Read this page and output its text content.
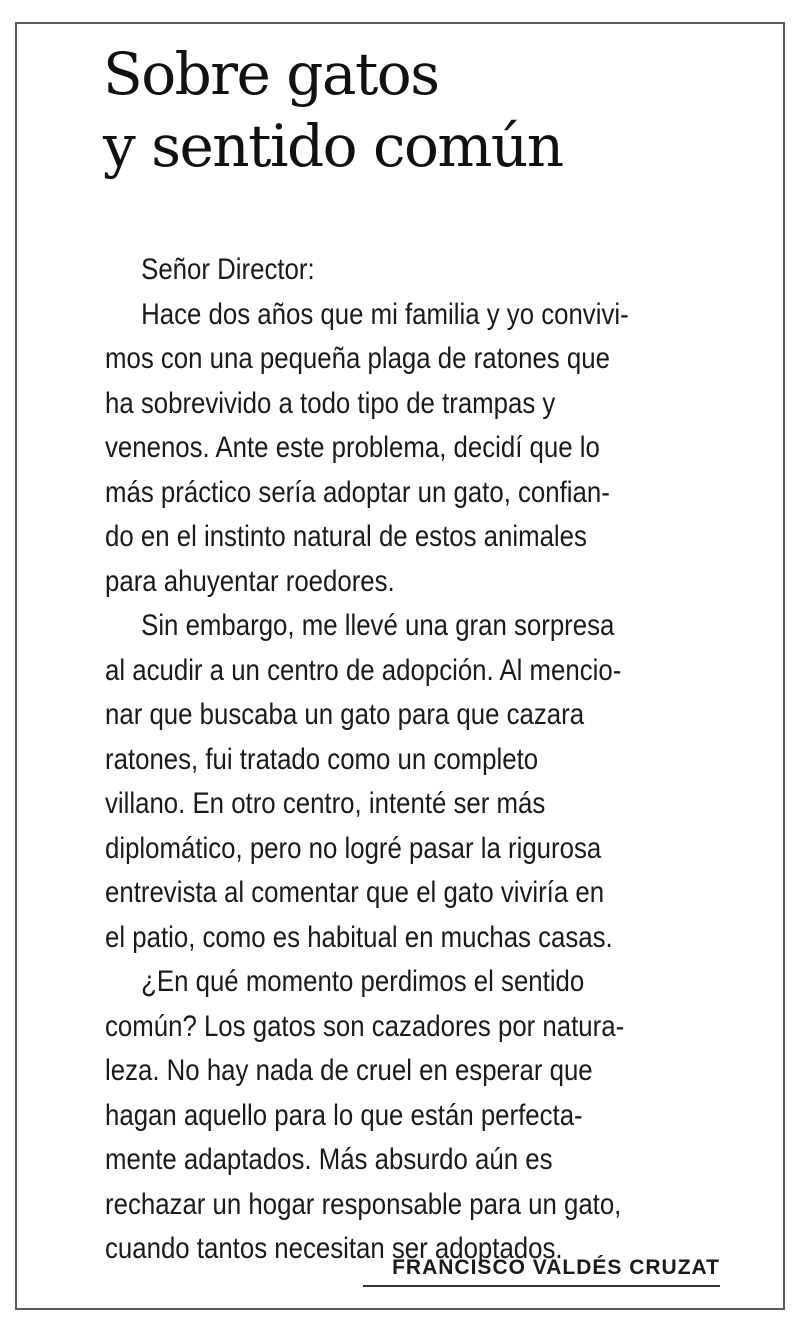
Sobre gatos
y sentido común
Señor Director:
Hace dos años que mi familia y yo convivi-
mos con una pequeña plaga de ratones que
ha sobrevivido a todo tipo de trampas y
venenos. Ante este problema, decidí que lo
más práctico sería adoptar un gato, confian-
do en el instinto natural de estos animales
para ahuyentar roedores.
Sin embargo, me llevé una gran sorpresa
al acudir a un centro de adopción. Al mencio-
nar que buscaba un gato para que cazara
ratones, fui tratado como un completo
villano. En otro centro, intenté ser más
diplomático, pero no logré pasar la rigurosa
entrevista al comentar que el gato viviría en
el patio, como es habitual en muchas casas.
¿En qué momento perdimos el sentido
común? Los gatos son cazadores por natura-
leza. No hay nada de cruel en esperar que
hagan aquello para lo que están perfecta-
mente adaptados. Más absurdo aún es
rechazar un hogar responsable para un gato,
cuando tantos necesitan ser adoptados.
FRANCISCO VALDÉS CRUZAT
